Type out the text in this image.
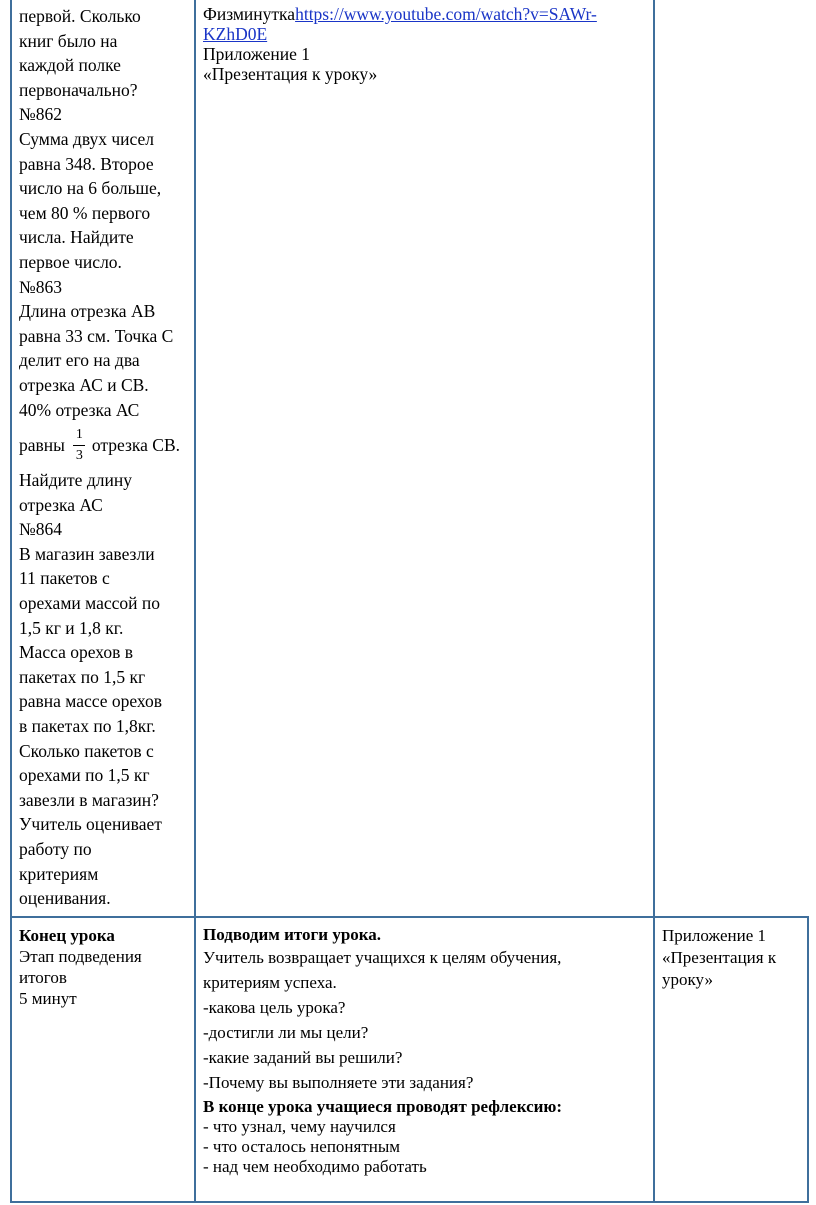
первой. Сколько
книг было на
каждой полке
первоначально?
№862
Сумма двух чисел
равна 348. Второе
число на 6 больше,
чем 80 % первого
числа. Найдите
первое число.
№863
Длина отрезка АВ
равна 33 см. Точка С
делит его на два
отрезка АС и СВ.
40% отрезка АС
равны $\frac{1}{3}$ отрезка СВ.
Найдите длину
отрезка АС
№864
В магазин завезли
11 пакетов с
орехами массой по
1,5 кг и 1,8 кг.
Масса орехов в
пакетах по 1,5 кг
равна массе орехов
в пакетах по 1,8кг.
Сколько пакетов с
орехами по 1,5 кг
завезли в магазин?
Учитель оценивает
работу по
критериям
оценивания.
Физминуткаhttps://www.youtube.com/watch?v=SAWr-
KZhD0E
Приложение 1
«Презентация к уроку»
Конец урока
Этап подведения
итогов
5 минут
Подводим итоги урока.
Учитель возвращает учащихся к целям обучения,
критериям успеха.
-какова цель урока?
-достигли ли мы цели?
-какие заданий вы решили?
-Почему вы выполняете эти задания?
В конце урока учащиеся проводят рефлексию:
- что узнал, чему научился
- что осталось непонятным
- над чем необходимо работать
Приложение 1
«Презентация к
уроку»
